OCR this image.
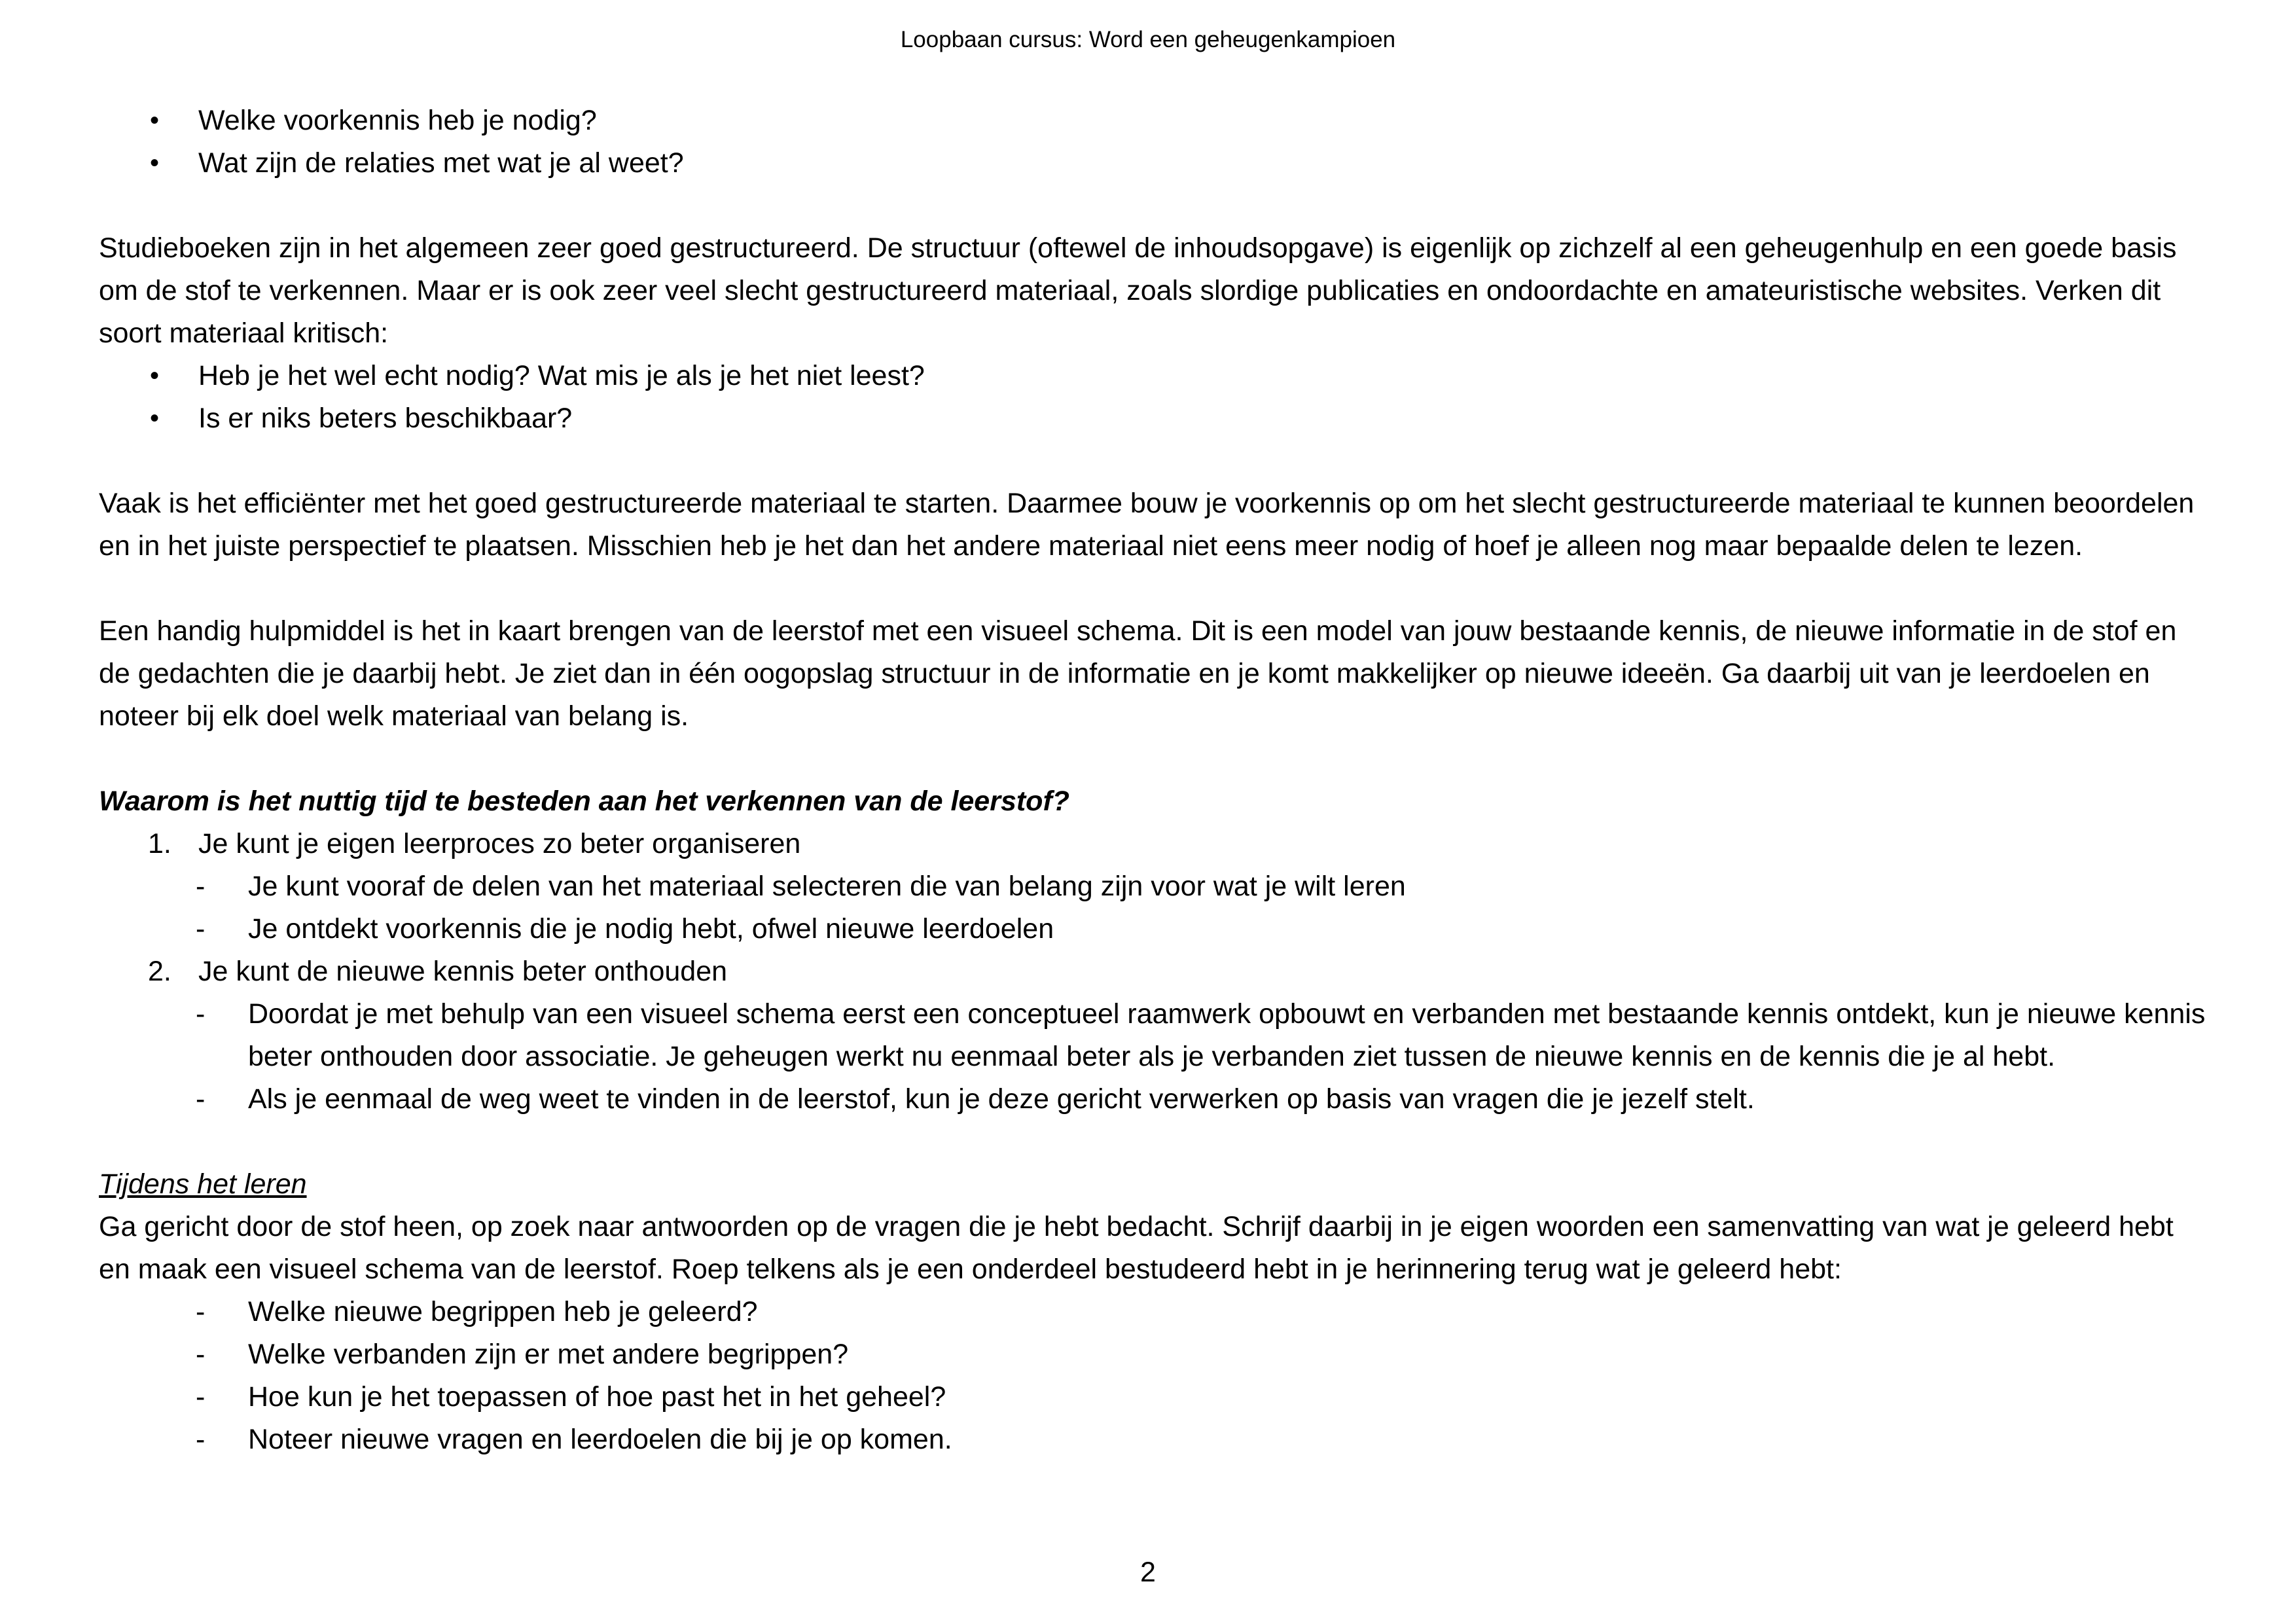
Loopbaan cursus: Word een geheugenkampioen
• Welke voorkennis heb je nodig?
• Wat zijn de relaties met wat je al weet?

Studieboeken zijn in het algemeen zeer goed gestructureerd. De structuur (oftewel de inhoudsopgave) is eigenlijk op zichzelf al een geheugenhulp en een goede basis om de stof te verkennen. Maar er is ook zeer veel slecht gestructureerd materiaal, zoals slordige publicaties en ondoordachte en amateuristische websites. Verken dit soort materiaal kritisch:

• Heb je het wel echt nodig? Wat mis je als je het niet leest?
• Is er niks beters beschikbaar?

Vaak is het efficiënter met het goed gestructureerde materiaal te starten. Daarmee bouw je voorkennis op om het slecht gestructureerde materiaal te kunnen beoordelen en in het juiste perspectief te plaatsen. Misschien heb je het dan het andere materiaal niet eens meer nodig of hoef je alleen nog maar bepaalde delen te lezen.

Een handig hulpmiddel is het in kaart brengen van de leerstof met een visueel schema. Dit is een model van jouw bestaande kennis, de nieuwe informatie in de stof en de gedachten die je daarbij hebt. Je ziet dan in één oogopslag structuur in de informatie en je komt makkelijker op nieuwe ideeën. Ga daarbij uit van je leerdoelen en noteer bij elk doel welk materiaal van belang is.

Waarom is het nuttig tijd te besteden aan het verkennen van de leerstof?

1. Je kunt je eigen leerproces zo beter organiseren
- Je kunt vooraf de delen van het materiaal selecteren die van belang zijn voor wat je wilt leren
- Je ontdekt voorkennis die je nodig hebt, ofwel nieuwe leerdoelen
2. Je kunt de nieuwe kennis beter onthouden
- Doordat je met behulp van een visueel schema eerst een conceptueel raamwerk opbouwt en verbanden met bestaande kennis ontdekt, kun je nieuwe kennis beter onthouden door associatie. Je geheugen werkt nu eenmaal beter als je verbanden ziet tussen de nieuwe kennis en de kennis die je al hebt.
- Als je eenmaal de weg weet te vinden in de leerstof, kun je deze gericht verwerken op basis van vragen die je jezelf stelt.

Tijdens het leren

Ga gericht door de stof heen, op zoek naar antwoorden op de vragen die je hebt bedacht. Schrijf daarbij in je eigen woorden een samenvatting van wat je geleerd hebt en maak een visueel schema van de leerstof. Roep telkens als je een onderdeel bestudeerd hebt in je herinnering terug wat je geleerd hebt:

- Welke nieuwe begrippen heb je geleerd?
- Welke verbanden zijn er met andere begrippen?
- Hoe kun je het toepassen of hoe past het in het geheel?
- Noteer nieuwe vragen en leerdoelen die bij je op komen.
2
